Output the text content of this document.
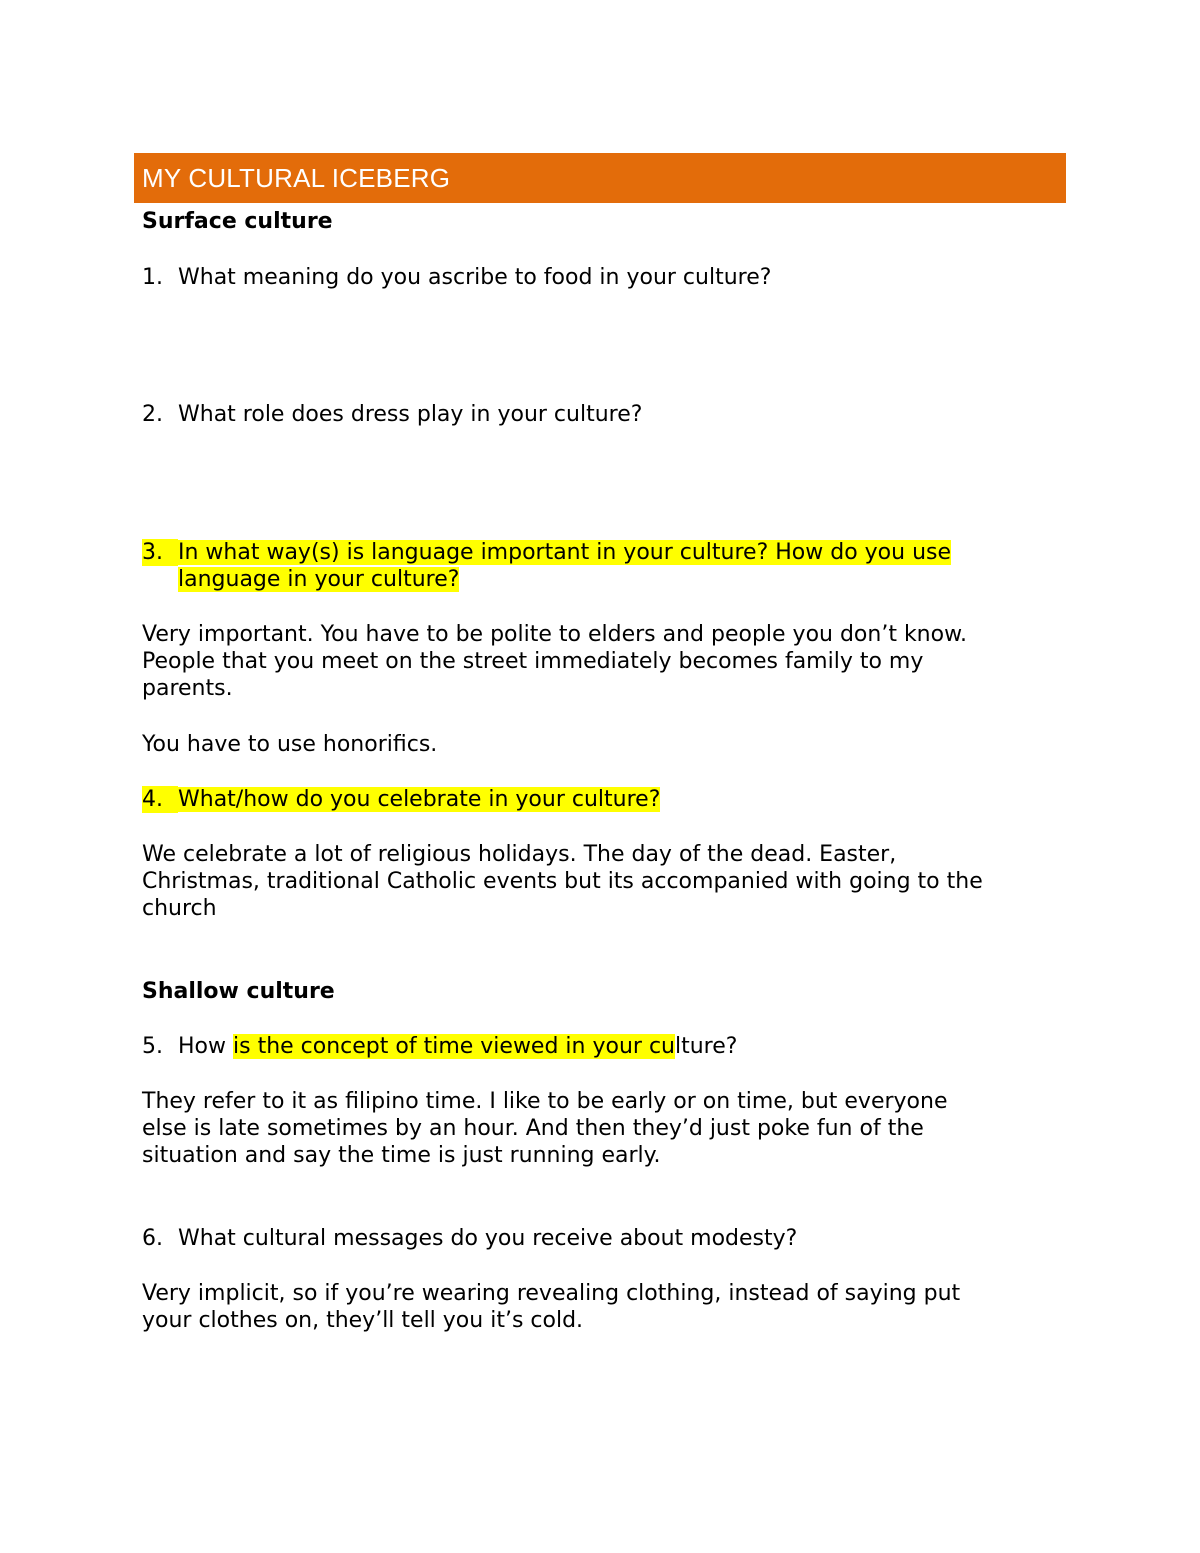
MY CULTURAL ICEBERG
Surface culture
1. What meaning do you ascribe to food in your culture?
2. What role does dress play in your culture?
3. In what way(s) is language important in your culture? How do you use
language in your culture?
Very important. You have to be polite to elders and people you don’t know.
People that you meet on the street immediately becomes family to my
parents.
You have to use honorifics.
4. What/how do you celebrate in your culture?
We celebrate a lot of religious holidays. The day of the dead. Easter,
Christmas, traditional Catholic events but its accompanied with going to the
church
Shallow culture
5. How is the concept of time viewed in your culture?
They refer to it as filipino time. I like to be early or on time, but everyone
else is late sometimes by an hour. And then they’d just poke fun of the
situation and say the time is just running early.
6. What cultural messages do you receive about modesty?
Very implicit, so if you’re wearing revealing clothing, instead of saying put
your clothes on, they’ll tell you it’s cold.
